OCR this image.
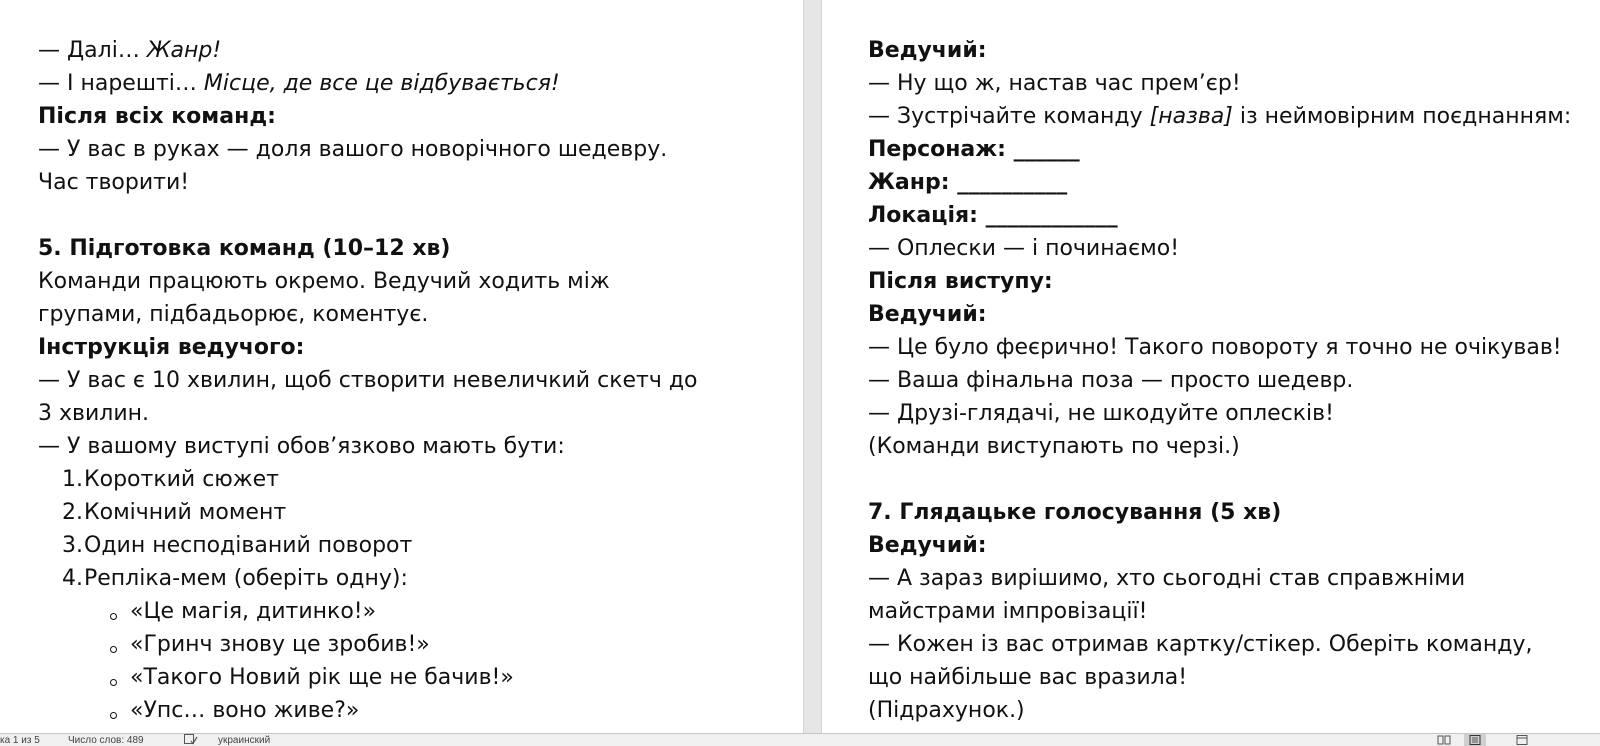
— Далі… Жанр!

— І нарешті… Місце, де все це відбувається!

Після всіх команд:

— У вас в руках — доля вашого новорічного шедевру. Час творити!

5. Підготовка команд (10–12 хв)

Команди працюють окремо. Ведучий ходить між групами, підбадьорює, коментує.

Інструкція ведучого:

— У вас є 10 хвилин, щоб створити невеличкий скетч до 3 хвилин.

— У вашому виступі обов’язково мають бути:

1.Короткий сюжет
2.Комічний момент
3.Один несподіваний поворот
4.Репліка-мем (оберіть одну):
«Це магія, дитинко!»
«Гринч знову це зробив!»
«Такого Новий рік ще не бачив!»
«Упс… воно живе?»

Ведучий:

— Ну що ж, настав час прем’єр!

— Зустрічайте команду [назва] із неймовірним поєднанням:

Персонаж: ______

Жанр: __________

Локація: ____________

— Оплески — і починаємо!

Після виступу:

Ведучий:

— Це було феєрично! Такого повороту я точно не очікував!

— Ваша фінальна поза — просто шедевр.

— Друзі-глядачі, не шкодуйте оплесків!

(Команди виступають по черзі.)

7. Глядацьке голосування (5 хв)

Ведучий:

— А зараз вирішимо, хто сьогодні став справжніми майстрами імпровізації!

— Кожен із вас отримав картку/стікер. Оберіть команду, що найбільше вас вразила!

(Підрахунок.)

ка 1 из 5	Число слов: 489	украинский
